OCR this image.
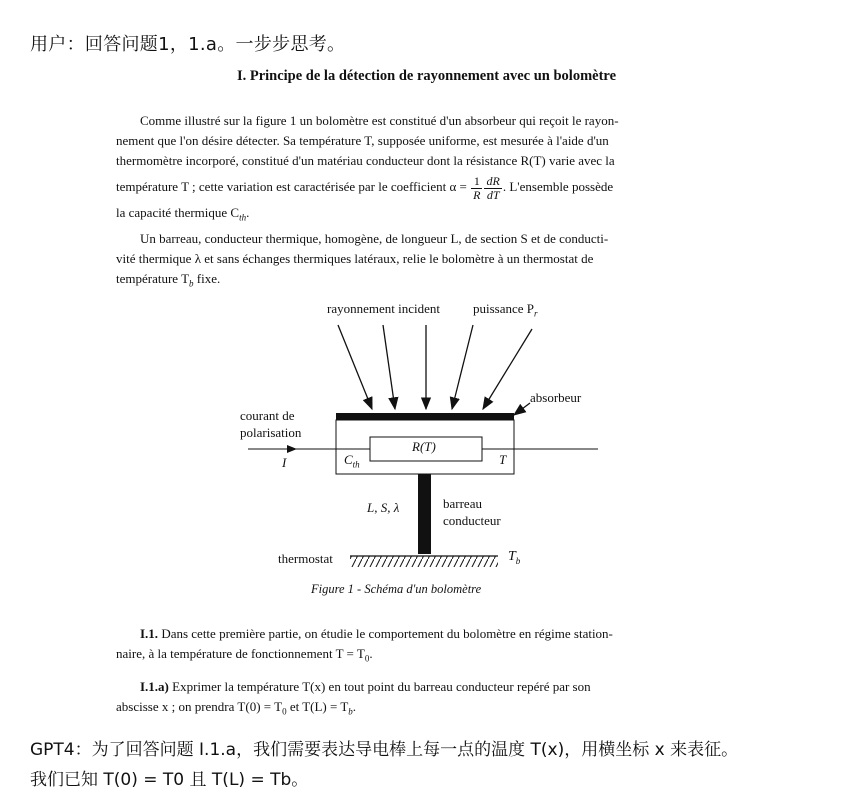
用户：回答问题1，1.a。一步步思考。
I. Principe de la détection de rayonnement avec un bolomètre
Comme illustré sur la figure 1 un bolomètre est constitué d'un absorbeur qui reçoit le rayon-
nement que l'on désire détecter. Sa température T, supposée uniforme, est mesurée à l'aide d'un
thermomètre incorporé, constitué d'un matériau conducteur dont la résistance R(T) varie avec la
température T ; cette variation est caractérisée par le coefficient $\alpha = \frac{1}{R} \frac{dR}{dT}$ . L'ensemble possède
la capacité thermique $C_{th}$.
Un barreau, conducteur thermique, homogène, de longueur L, de section S et de conducti-
vité thermique λ et sans échanges thermiques latéraux, relie le bolomètre à un thermostat de
température $T_b$ fixe.
rayonnement incident	puissance $P_r$
absorbeur
courant de
polarisation
I
R(T)
$C_{th}$	T
L, S, λ	barreau
conducteur
thermostat	$T_b$
Figure 1 - Schéma d'un bolomètre
I.1. Dans cette première partie, on étudie le comportement du bolomètre en régime station-
naire, à la température de fonctionnement $T = T_0$.
I.1.a) Exprimer la température T(x) en tout point du barreau conducteur repéré par son
abscisse x ; on prendra $T(0) = T_0$ et $T(L) = T_b$.
GPT4：为了回答问题 I.1.a，我们需要表达导电棒上每一点的温度 T(x)，用横坐标 x 来表征。
我们已知 T(0) = T0 且 T(L) = Tb。
